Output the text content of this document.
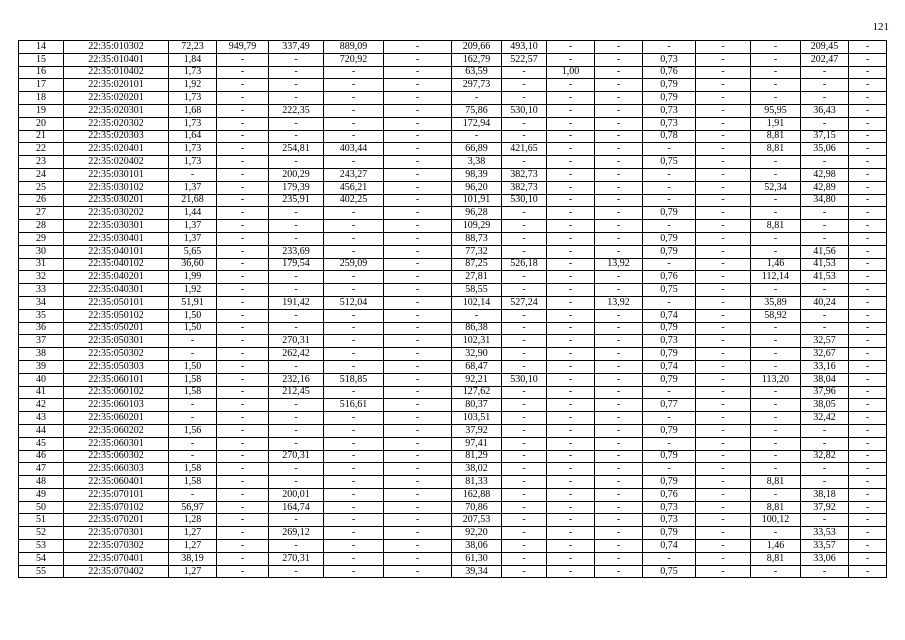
121
14	22:35:010302	72,23	949,79	337,49	889,09	-	209,66	493,10	-	-	-	-	-	209,45	-
15	22:35:010401	1,84	-	-	720,92	-	162,79	522,57	-	-	0,73	-	-	202,47	-
16	22:35:010402	1,73	-	-	-	-	63,59	-	1,00	-	0,76	-	-	-	-
17	22:35:020101	1,92	-	-	-	-	297,73	-	-	-	0,79	-	-	-	-
18	22:35:020201	1,73	-	-	-	-	-	-	-	-	0,79	-	-	-	-
19	22:35:020301	1,68	-	222,35	-	-	75,86	530,10	-	-	0,73	-	95,95	36,43	-
20	22:35:020302	1,73	-	-	-	-	172,94	-	-	-	0,73	-	1,91	-	-
21	22:35:020303	1,64	-	-	-	-	-	-	-	-	0,78	-	8,81	37,15	-
22	22:35:020401	1,73	-	254,81	403,44	-	66,89	421,65	-	-	-	-	8,81	35,06	-
23	22:35:020402	1,73	-	-	-	-	3,38	-	-	-	0,75	-	-	-	-
24	22:35:030101	-	-	200,29	243,27	-	98,39	382,73	-	-	-	-	-	42,98	-
25	22:35:030102	1,37	-	179,39	456,21	-	96,20	382,73	-	-	-	-	52,34	42,89	-
26	22:35:030201	21,68	-	235,91	402,25	-	101,91	530,10	-	-	-	-	-	34,80	-
27	22:35:030202	1,44	-	-	-	-	96,28	-	-	-	0,79	-	-	-	-
28	22:35:030301	1,37	-	-	-	-	109,29	-	-	-	-	-	8,81	-	-
29	22:35:030401	1,37	-	-	-	-	88,73	-	-	-	0,79	-	-	-	-
30	22:35:040101	5,65	-	233,69	-	-	77,32	-	-	-	0,79	-	-	41,56	-
31	22:35:040102	36,60	-	179,54	259,09	-	87,25	526,18	-	13,92	-	-	1,46	41,53	-
32	22:35:040201	1,99	-	-	-	-	27,81	-	-	-	0,76	-	112,14	41,53	-
33	22:35:040301	1,92	-	-	-	-	58,55	-	-	-	0,75	-	-	-	-
34	22:35:050101	51,91	-	191,42	512,04	-	102,14	527,24	-	13,92	-	-	35,89	40,24	-
35	22:35:050102	1,50	-	-	-	-	-	-	-	-	0,74	-	58,92	-	-
36	22:35:050201	1,50	-	-	-	-	86,38	-	-	-	0,79	-	-	-	-
37	22:35:050301	-	-	270,31	-	-	102,31	-	-	-	0,73	-	-	32,57	-
38	22:35:050302	-	-	262,42	-	-	32,90	-	-	-	0,79	-	-	32,67	-
39	22:35:050303	1,50	-	-	-	-	68,47	-	-	-	0,74	-	-	33,16	-
40	22:35:060101	1,58	-	232,16	518,85	-	92,21	530,10	-	-	0,79	-	113,20	38,04	-
41	22:35:060102	1,58	-	212,45	-	-	127,62	-	-	-	-	-	-	37,96	-
42	22:35:060103	-	-	-	516,61	-	80,37	-	-	-	0,77	-	-	38,05	-
43	22:35:060201	-	-	-	-	-	103,51	-	-	-	-	-	-	32,42	-
44	22:35:060202	1,56	-	-	-	-	37,92	-	-	-	0,79	-	-	-	-
45	22:35:060301	-	-	-	-	-	97,41	-	-	-	-	-	-	-	-
46	22:35:060302	-	-	270,31	-	-	81,29	-	-	-	0,79	-	-	32,82	-
47	22:35:060303	1,58	-	-	-	-	38,02	-	-	-	-	-	-	-	-
48	22:35:060401	1,58	-	-	-	-	81,33	-	-	-	0,79	-	8,81	-	-
49	22:35:070101	-	-	200,01	-	-	162,88	-	-	-	0,76	-	-	38,18	-
50	22:35:070102	56,97	-	164,74	-	-	70,86	-	-	-	0,73	-	8,81	37,92	-
51	22:35:070201	1,28	-	-	-	-	207,53	-	-	-	0,73	-	100,12	-	-
52	22:35:070301	1,27	-	269,12	-	-	92,20	-	-	-	0,79	-	-	33,53	-
53	22:35:070302	1,27	-	-	-	-	38,06	-	-	-	0,74	-	1,46	33,57	-
54	22:35:070401	38,19	-	270,31	-	-	61,30	-	-	-	-	-	8,81	33,06	-
55	22:35:070402	1,27	-	-	-	-	39,34	-	-	-	0,75	-	-	-	-
